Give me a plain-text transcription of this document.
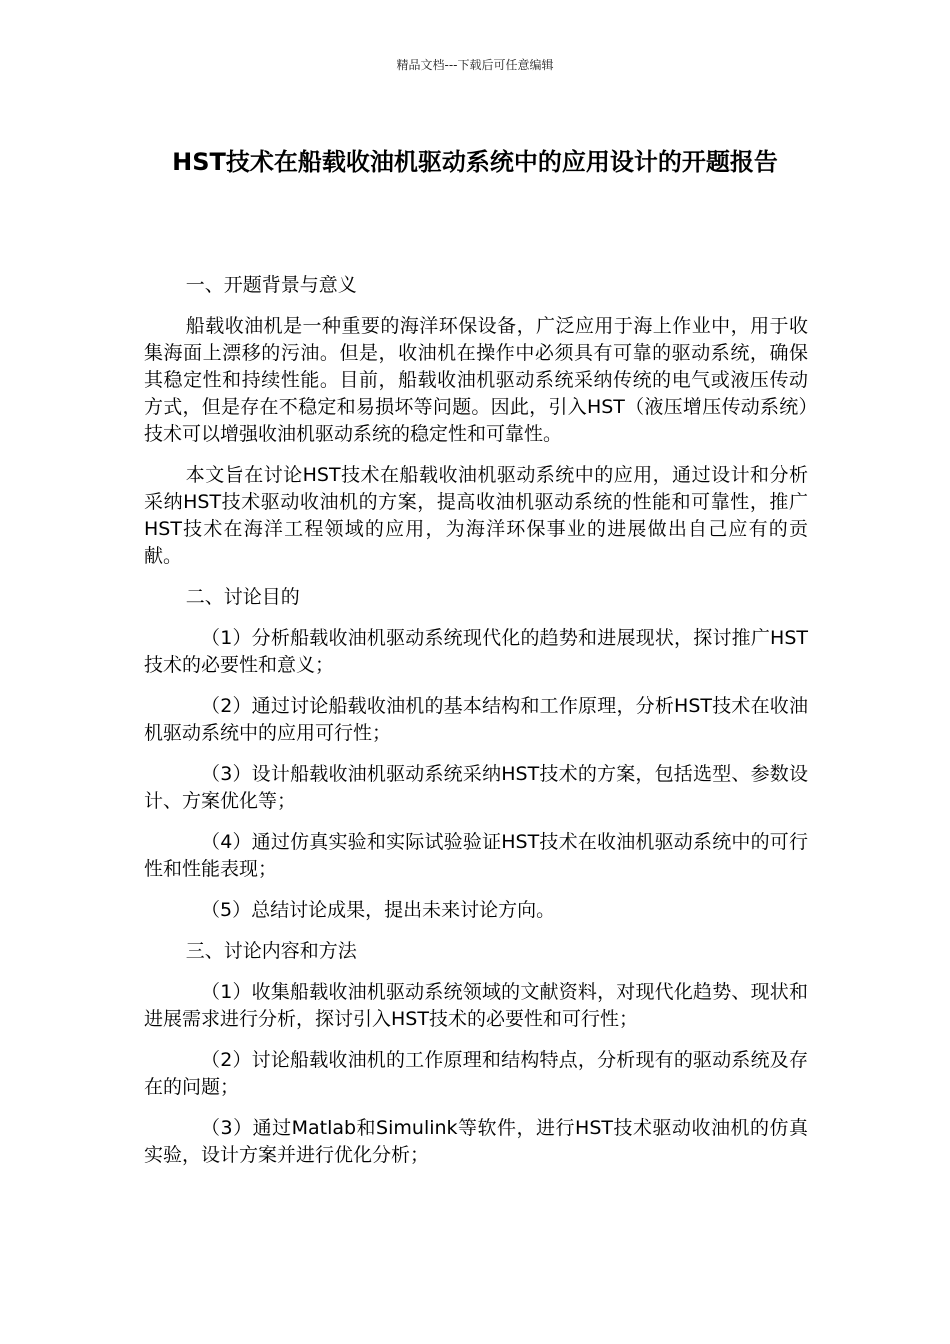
精品文档---下载后可任意编辑
HST技术在船载收油机驱动系统中的应用设计的开题报告

一、开题背景与意义

船载收油机是一种重要的海洋环保设备，广泛应用于海上作业中，用于收集海面上漂移的污油。但是，收油机在操作中必须具有可靠的驱动系统，确保其稳定性和持续性能。目前，船载收油机驱动系统采纳传统的电气或液压传动方式，但是存在不稳定和易损坏等问题。因此，引入HST（液压增压传动系统）技术可以增强收油机驱动系统的稳定性和可靠性。

本文旨在讨论HST技术在船载收油机驱动系统中的应用，通过设计和分析采纳HST技术驱动收油机的方案，提高收油机驱动系统的性能和可靠性，推广HST技术在海洋工程领域的应用，为海洋环保事业的进展做出自己应有的贡献。

二、讨论目的

（1）分析船载收油机驱动系统现代化的趋势和进展现状，探讨推广HST技术的必要性和意义；

（2）通过讨论船载收油机的基本结构和工作原理，分析HST技术在收油机驱动系统中的应用可行性；

（3）设计船载收油机驱动系统采纳HST技术的方案，包括选型、参数设计、方案优化等；

（4）通过仿真实验和实际试验验证HST技术在收油机驱动系统中的可行性和性能表现；

（5）总结讨论成果，提出未来讨论方向。

三、讨论内容和方法

（1）收集船载收油机驱动系统领域的文献资料，对现代化趋势、现状和进展需求进行分析，探讨引入HST技术的必要性和可行性；

（2）讨论船载收油机的工作原理和结构特点，分析现有的驱动系统及存在的问题；

（3）通过Matlab和Simulink等软件，进行HST技术驱动收油机的仿真实验，设计方案并进行优化分析；
